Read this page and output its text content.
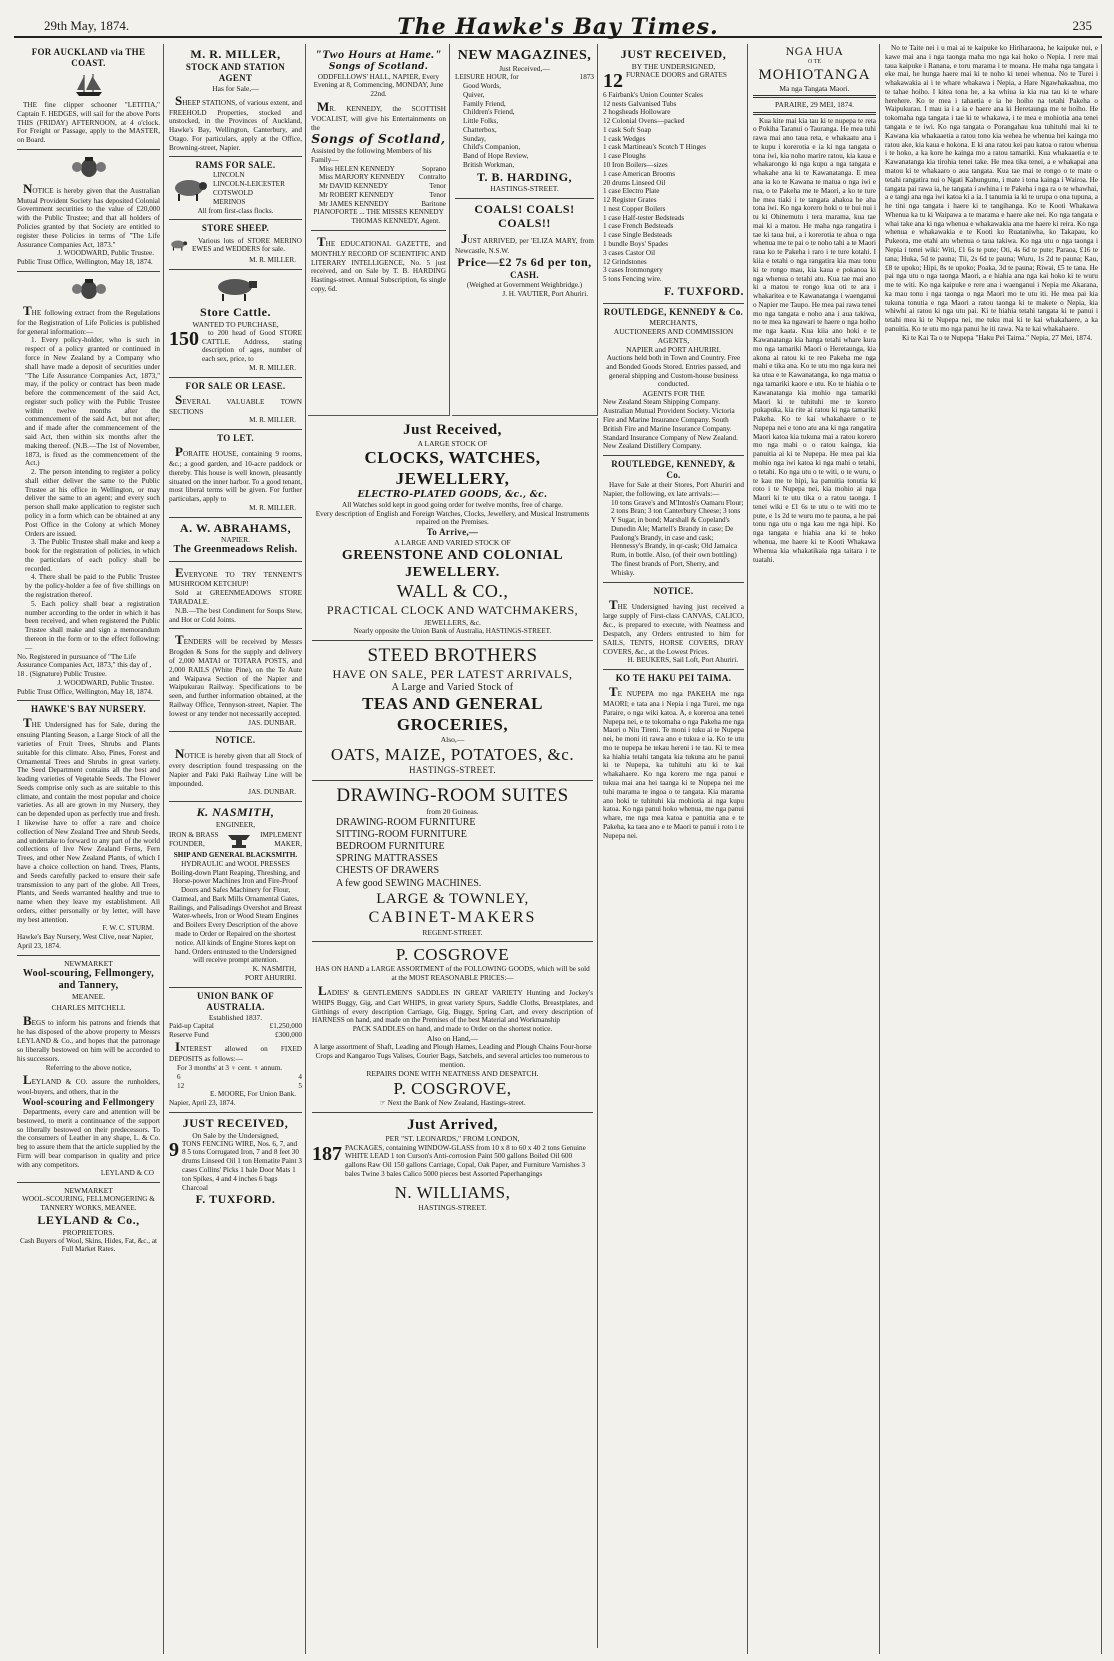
29th May, 1874.	The Hawke's Bay Times.	235
FOR AUCKLAND via THE COAST.
THE fine clipper schooner "LETITIA," Captain F. HEDGES, will sail for the above Ports THIS (FRIDAY) AFTERNOON, at 4 o'clock. For Freight or Passage, apply to the MASTER, on Board.
NOTICE is hereby given that the Australian Mutual Provident Society has deposited Colonial Government securities to the value of £20,000 with the Public Trustee; and that all holders of Policies granted by that Society are entitled to register these Policies in terms of "The Life Assurance Companies Act, 1873."
J. WOODWARD, Public Trustee.
Public Trust Office, Wellington, May 18, 1874.
THE following extract from the Regulations for the Registration of Life Policies is published for general information:—
1. Every policy-holder, who is such in respect of a policy granted or continued in force in New Zealand by a Company who shall have made a deposit of securities under "The Life Assurance Companies Act, 1873," may, if the policy or contract has been made before the commencement of the said Act, register such policy with the Public Trustee within twelve months after the commencement of the said Act, but not after; and if made after the commencement of the said Act, then within six months after the making thereof. (N.B.—The 1st of November, 1873, is fixed as the commencement of the Act.)
2. The person intending to register a policy shall either deliver the same to the Public Trustee at his office in Wellington, or may deliver the same to an agent; and every such person shall make application to register such policy in a form which can be obtained at any Post Office in the Colony at which Money Orders are issued.
3. The Public Trustee shall make and keep a book for the registration of policies, in which the particulars of each policy shall be recorded.
4. There shall be paid to the Public Trustee by the policy-holder a fee of five shillings on the registration thereof.
5. Each policy shall bear a registration number according to the order in which it has been received, and when registered the Public Trustee shall make and sign a memorandum thereon in the form or to the effect following:—
No. Registered in pursuance of "The Life Assurance Companies Act, 1873," this day of , 18 . (Signature) Public Trustee.
J. WOODWARD, Public Trustee.
Public Trust Office, Wellington, May 18, 1874.
HAWKE'S BAY NURSERY.
THE Undersigned has for Sale, during the ensuing Planting Season, a Large Stock of all the varieties of Fruit Trees, Shrubs and Plants suitable for this climate. Also, Pines, Forest and Ornamental Trees and Shrubs in great variety. The Seed Department contains all the best and leading varieties of Vegetable Seeds. The Flower Seeds comprise only such as are suitable to this climate, and contain the most popular and choice varieties. As all are grown in my Nursery, they can be depended upon as perfectly true and fresh. I likewise have to offer a rare and choice collection of New Zealand Tree and Shrub Seeds, and undertake to forward to any part of the world collections of live New Zealand Ferns, Fern Trees, and other New Zealand Plants, of which I have a choice collection on hand. Trees, Plants, and Seeds carefully packed to ensure their safe transmission to any part of the globe. All Trees, Plants, and Seeds warranted healthy and true to name when they leave my establishment. All orders, either personally or by letter, will have my best attention.
F. W. C. STURM.
Hawke's Bay Nursery, West Clive, near Napier, April 23, 1874.
NEWMARKET
Wool-scouring, Fellmongery,
and Tannery,
MEANEE.
CHARLES MITCHELL
BEGS to inform his patrons and friends that he has disposed of the above property to Messrs LEYLAND & Co., and hopes that the patronage so liberally bestowed on him will be accorded to his successors.
Referring to the above notice,
LEYLAND & CO. assure the runholders, wool-buyers, and others, that in the
Wool-scouring and Fellmongery
Departments, every care and attention will be bestowed, to merit a continuance of the support so liberally bestowed on their predecessors. To the consumers of Leather in any shape, L. & Co. beg to assure them that the article supplied by the Firm will bear comparison in quality and price with any competitors.
LEYLAND & CO
NEWMARKET
WOOL-SCOURING, FELLMONGERING & TANNERY WORKS, MEANEE.
LEYLAND & Co.,
PROPRIETORS.
Cash Buyers of Wool, Skins, Hides, Fat, &c., at Full Market Rates.
M. R. MILLER,
STOCK AND STATION AGENT
Has for Sale,—
SHEEP STATIONS, of various extent, and FREEHOLD Properties, stocked and unstocked, in the Provinces of Auckland, Hawke's Bay, Wellington, Canterbury, and Otago. For particulars, apply at the Office, Browning-street, Napier.
RAMS FOR SALE.
LINCOLN
LINCOLN-LEICESTER
COTSWOLD
MERINOS
All from first-class flocks.
STORE SHEEP.
Various lots of STORE MERINO EWES and WEDDERS for sale.
M. R. MILLER.
Store Cattle.
WANTED TO PURCHASE,
150	to 200 head of Good STORE CATTLE. Address, stating description of ages, number of each sex, price, to
M. R. MILLER.
FOR SALE OR LEASE.
SEVERAL VALUABLE TOWN SECTIONS
M. R. MILLER.
TO LET.
PORAITE HOUSE, containing 9 rooms, &c.; a good garden, and 10-acre paddock or thereby. This house is well known, pleasantly situated on the inner harbor. To a good tenant, most liberal terms will be given. For further particulars, apply to
M. R. MILLER.
A. W. ABRAHAMS,
NAPIER.
The Greenmeadows Relish.
EVERYONE TO TRY TENNENT'S MUSHROOM KETCHUP!
Sold at GREENMEADOWS STORE TARADALE.
N.B.—The best Condiment for Soups Stew, and Hot or Cold Joints.
TENDERS will be received by Messrs Brogden & Sons for the supply and delivery of 2,000 MATAI or TOTARA POSTS, and 2,000 RAILS (White Pine), on the Te Aute and Waipawa Section of the Napier and Waipukurau Railway. Specifications to be seen, and further information obtained, at the Railway Office, Tennyson-street, Napier. The lowest or any tender not necessarily accepted.
JAS. DUNBAR.
NOTICE.
NOTICE is hereby given that all Stock of every description found trespassing on the Napier and Paki Paki Railway Line will be impounded.
JAS. DUNBAR.
K. NASMITH,
ENGINEER,
IRON & BRASS
FOUNDER,
IMPLEMENT
MAKER,
SHIP AND GENERAL BLACKSMITH.
HYDRAULIC and WOOL PRESSES Boiling-down Plant Reaping, Threshing, and Horse-power Machines Iron and Fire-Proof Doors and Safes Machinery for Flour, Oatmeal, and Bark Mills Ornamental Gates, Railings, and Palisadings Overshot and Breast Water-wheels, Iron or Wood Steam Engines and Boilers Every Description of the above made to Order or Repaired on the shortest notice. All kinds of Engine Stores kept on hand. Orders entrusted to the Undersigned will receive prompt attention.
K. NASMITH,
PORT AHURIRI.
UNION BANK OF AUSTRALIA.
Established 1837.
Paid-up Capital	£1,250,000
Reserve Fund	£300,000
INTEREST allowed on FIXED DEPOSITS as follows:—
For 3 months' at 3 ♀ cent. ♀ annum.
6	4
12	5
E. MOORE, For Union Bank.
Napier, April 23, 1874.
JUST RECEIVED,
On Sale by the Undersigned,
9 TONS FENCING WIRE, Nos. 6, 7, and 8 5 tons Corrugated Iron, 7 and 8 feet 30 drums Linseed Oil 1 ton Hematite Paint 3 cases Collins' Picks 1 bale Door Mats 1 ton Spikes, 4 and 4 inches 6 bags Charcoal
F. TUXFORD.
"Two Hours at Hame."
Songs of Scotland.
ODDFELLOWS' HALL, NAPIER, Every Evening at 8, Commencing, MONDAY, June 22nd.
MR. KENNEDY, the SCOTTISH VOCALIST, will give his Entertainments on the
Songs of Scotland,
Assisted by the following Members of his Family—
Miss HELEN KENNEDY	Soprano
Miss MARJORY KENNEDY Contralto
Mr DAVID KENNEDY	Tenor
Mr ROBERT KENNEDY	Tenor
Mr JAMES KENNEDY	Baritone
PIANOFORTE ... THE MISSES KENNEDY
THOMAS KENNEDY, Agent.
THE EDUCATIONAL GAZETTE, and MONTHLY RECORD OF SCIENTIFIC AND LITERARY INTELLIGENCE, No. 5 just received, and on Sale by T. B. HARDING Hastings-street. Annual Subscription, 6s single copy, 6d.
NEW MAGAZINES,
Just Received,—
LEISURE HOUR, for	1873
Good Words,
Quiver,
Family Friend,
Children's Friend,
Little Folks,
Chatterbox,
Sunday,
Child's Companion,
Band of Hope Review,
British Workman,
T. B. HARDING,
HASTINGS-STREET.
COALS! COALS! COALS!!
JUST ARRIVED, per 'ELIZA MARY, from Newcastle, N.S.W.
Price—£2 7s 6d per ton,
CASH.
(Weighed at Government Weighbridge.)
J. H. VAUTIER, Port Ahuriri.
Just Received,
A LARGE STOCK OF
CLOCKS, WATCHES, JEWELLERY,
ELECTRO-PLATED GOODS, &c., &c.
All Watches sold kept in good going order for twelve months, free of charge.
Every description of English and Foreign Watches, Clocks, Jewellery, and Musical Instruments repaired on the Premises.
To Arrive,—
A LARGE AND VARIED STOCK OF
GREENSTONE AND COLONIAL JEWELLERY.
WALL & CO.,
PRACTICAL CLOCK AND WATCHMAKERS,
JEWELLERS, &c.
Nearly opposite the Union Bank of Australia, HASTINGS-STREET.
STEED BROTHERS
HAVE ON SALE, PER LATEST ARRIVALS,
A Large and Varied Stock of
TEAS AND GENERAL GROCERIES,
Also,—
OATS, MAIZE, POTATOES, &c.
HASTINGS-STREET.
DRAWING-ROOM SUITES
from 20 Guineas.
DRAWING-ROOM FURNITURE
SITTING-ROOM FURNITURE
BEDROOM FURNITURE
SPRING MATTRASSES
CHESTS OF DRAWERS
A few good SEWING MACHINES.
LARGE & TOWNLEY,
CABINET-MAKERS
REGENT-STREET.
P. COSGROVE
HAS ON HAND a LARGE ASSORTMENT of the FOLLOWING GOODS, which will be sold at the MOST REASONABLE PRICES:—
LADIES' & GENTLEMEN'S SADDLES IN GREAT VARIETY Hunting and Jockey's WHIPS Buggy, Gig, and Cart WHIPS, in great variety Spurs, Saddle Cloths, Breastplates, and Girthings of every description Carriage, Gig, Buggy, Spring Cart, and every description of HARNESS on hand, and made on the Premises of the best Material and Workmanship
PACK SADDLES on hand, and made to Order on the shortest notice.
Also on Hand,—
A large assortment of Shaft, Leading and Plough Hames, Leading and Plough Chains Four-horse Crops and Kangaroo Tugs Valises, Courier Bags, Satchels, and several articles too numerous to mention.
REPAIRS DONE WITH NEATNESS AND DESPATCH.
P. COSGROVE,
☞ Next the Bank of New Zealand, Hastings-street.
Just Arrived,
PER "ST. LEONARDS," FROM LONDON,
187 PACKAGES, containing WINDOW-GLASS from 10 x 8 to 60 x 40 2 tons Genuine WHITE LEAD 1 ton Curson's Anti-corrosion Paint 500 gallons Boiled Oil 600 gallons Raw Oil 150 gallons Carriage, Copal, Oak Paper, and Furniture Varnishes 3 bales Twine 3 bales Calico 5000 pieces best Assorted Paperhangings
N. WILLIAMS,
HASTINGS-STREET.
JUST RECEIVED,
BY THE UNDERSIGNED,
12 FURNACE DOORS and GRATES
6 Fairbank's Union Counter Scales
12 nests Galvanised Tubs
2 hogsheads Holloware
12 Colonial Ovens—packed
1 cask Soft Soap
1 cask Wedges
1 cask Martineau's Scotch T Hinges
1 case Ploughs
10 Iron Boilers—sizes
1 case American Brooms
20 drums Linseed Oil
1 case Electro Plate
12 Register Grates
1 nest Copper Boilers
1 case Half-tester Bedsteads
1 case French Bedsteads
1 case Single Bedsteads
1 bundle Boys' Spades
3 cases Castor Oil
12 Grindstones
3 cases Ironmongery
5 tons Fencing wire.
F. TUXFORD.
ROUTLEDGE, KENNEDY & Co.
MERCHANTS,
AUCTIONEERS AND COMMISSION AGENTS,
NAPIER and PORT AHURIRI.
Auctions held both in Town and Country. Free and Bonded Goods Stored. Entries passed, and general shipping and Custom-house business conducted.
AGENTS FOR THE
New Zealand Steam Shipping Company. Australian Mutual Provident Society. Victoria Fire and Marine Insurance Company. South British Fire and Marine Insurance Company. Standard Insurance Company of New Zealand. New Zealand Distillery Company.
ROUTLEDGE, KENNEDY, & Co.
Have for Sale at their Stores, Port Ahuriri and Napier, the following, ex late arrivals:—
10 tons Grave's and M'Intosh's Oamaru Flour; 2 tons Bran; 3 ton Canterbury Cheese; 3 tons Y Sugar, in bond; Marshall & Copeland's Dunedin Ale; Martell's Brandy in case; De Paulong's Brandy, in case and cask; Hennessy's Brandy, in qr-cask; Old Jamaica Rum, in bottle. Also, (of their own bottling) The finest brands of Port, Sherry, and Whisky.
NOTICE.
THE Undersigned having just received a large supply of First-class CANVAS, CALICO, &c., is prepared to execute, with Neatness and Despatch, any Orders entrusted to him for SAILS, TENTS, HORSE COVERS, DRAY COVERS, &c., at the Lowest Prices.
H. BEUKERS, Sail Loft, Port Ahuriri.
KO TE HAKU PEI TAIMA.
TE NUPEPA mo nga PAKEHA me nga MAORI; e tata ana i Nepia i nga Turei, me nga Paraire, o nga wiki katoa. A, e koreroa ana tenei Nupepa nei, e te tokomaha o nga Pakeha me nga Maori o Niu Tireni. Te moni i tuku ai te Nupepa nei, he moni iti rawa ano e tukua e ia. Ko te utu mo te nupepa he tekau hereni i te tau. Ki te mea ka hiahia tetahi tangata kia tukuna atu he panui ki te Nupepa, ka tuhituhi atu ki te kai whakahaere. Ko nga korero me nga panui e tukua mai ana hei taanga ki te Nupepa nei me tuhi marama te ingoa o te tangata. Kia marama ano hoki te tuhituhi kia mohiotia ai nga kupu katoa. Ko nga panui hoko whenua, me nga panui whare, me nga mea katoa e panuitia ana e te Pakeha, ka taea ano e te Maori te panui i roto i te Nupepa nei.
NGA HUA
O TE
MOHIOTANGA
Ma nga Tangata Maori.
PARAIRE, 29 MEI, 1874.
Kua kite mai kia tau ki te nupepa te reta o Pokiha Taranui o Tauranga. He mea tuhi rawa mai ano taua reta, e whakaatu ana i te kupu i korerotia e ia ki nga tangata o tona iwi, kia noho marire ratou, kia kaua e whakarongo ki nga kupu a nga tangata e whakahe ana ki te Kawanatanga. E mea ana ia ko te Kawana te matua o nga iwi e rua, o te Pakeha me te Maori, a ko te ture he mea tiaki i te tangata ahakoa he aha tona iwi. Ko nga korero hoki o te hui nui i tu ki Ohinemutu i tera marama, kua tae mai ki a matou. He maha nga rangatira i tae ki taua hui, a i korerotia te ahua o nga whenua me te pai o te noho tahi a te Maori raua ko te Pakeha i raro i te ture kotahi. I kiia e tetahi o nga rangatira kia mau tonu ki te rongo mau, kia kaua e pokanoa ki nga whenua o tetahi atu. Kua tae mai ano ki a matou te rongo kua oti te ara i whakaritea e te Kawanatanga i waenganui o Napier me Taupo. He mea pai rawa tenei mo nga tangata e noho ana i aua takiwa, no te mea ka ngawari te haere o nga hoiho me nga kaata. Kua kiia ano hoki e te Kawanatanga kia hanga tetahi whare kura mo nga tamariki Maori o Heretaunga, kia akona ai ratou ki te reo Pakeha me nga mahi e tika ana. Ko te utu mo nga kura nei ka utua e te Kawanatanga, ko nga matua o nga tamariki kaore e utu. Ko te hiahia o te Kawanatanga kia mohio nga tamariki Maori ki te tuhituhi me te korero pukapuka, kia rite ai ratou ki nga tamariki Pakeha. Ko te kai whakahaere o te Nupepa nei e tono atu ana ki nga rangatira Maori katoa kia tukuna mai a ratou korero mo nga mahi o o ratou kainga, kia panuitia ai ki te Nupepa. He mea pai kia mohio nga iwi katoa ki nga mahi o tetahi, o tetahi. Ko nga utu o te witi, o te wuru, o te kau me te hipi, ka panuitia tonutia ki roto i te Nupepa nei, kia mohio ai nga Maori ki te utu tika o a ratou taonga. I tenei wiki e £1 6s te utu o te witi mo te pute, e 1s 2d te wuru mo te pauna, a he pai tonu nga utu o nga kau me nga hipi. Ko nga tangata e hiahia ana ki te hoko whenua, me haere ki te Kooti Whakawa Whenua kia whakatikaia nga taitara i te tuatahi.
No te Taite nei i u mai ai te kaipuke ko Hiriharaona, he kaipuke nui, e kawe mai ana i nga taonga maha mo nga kai hoko o Nepia. I rere mai taua kaipuke i Ranana, e toru marama i te moana. He maha nga tangata i eke mai, he hunga haere mai ki te noho ki tenei whenua. No te Turei i whakawakia ai i te whare whakawa i Nepia, a Hare Ngawhakaahua, mo te tahae hoiho. I kitea tona he, a ka whiua ia kia rua tau ki te whare herehere. Ko te mea i tahaetia e ia he hoiho na tetahi Pakeha o Waipukurau. I mau ia i a ia e haere ana ki Heretaunga me te hoiho. He tokomaha nga tangata i tae ki te whakawa, i te mea e mohiotia ana tenei tangata e te iwi. Ko nga tangata o Porangahau kua tuhituhi mai ki te Kawana kia whakaaetia a ratou tono kia wehea he whenua hei kainga mo ratou ake, kia kaua e hokona. E ki ana ratou kei pau katoa o ratou whenua i te hoko, a ka kore he kainga mo a ratou tamariki. Kua whakaaetia e te Kawanatanga kia tirohia tenei take. He mea tika tenei, a e whakapai ana matou ki te whakaaro o aua tangata. Kua tae mai te rongo o te mate o tetahi rangatira nui o Ngati Kahungunu, i mate i tona kainga i Wairoa. He tangata pai rawa ia, he tangata i awhina i te Pakeha i nga ra o te whawhai, a e tangi ana nga iwi katoa ki a ia. I tanumia ia ki te urupa o ona tupuna, a he tini nga tangata i haere ki te tangihanga. Ko te Kooti Whakawa Whenua ka tu ki Waipawa a te marama e haere ake nei. Ko nga tangata e whai take ana ki nga whenua e whakawakia ana me haere ki reira. Ko nga whenua e whakawakia e te Kooti ko Ruataniwha, ko Takapau, ko Pukeora, me etahi atu whenua o taua takiwa. Ko nga utu o nga taonga i Nepia i tenei wiki: Witi, £1 6s te pute; Oti, 4s 6d te pute; Paraoa, £16 te tana; Huka, 5d te pauna; Tii, 2s 6d te pauna; Wuru, 1s 2d te pauna; Kau, £8 te upoko; Hipi, 8s te upoko; Poaka, 3d te pauna; Riwai, £5 te tana. He pai nga utu o nga taonga Maori, a e hiahia ana nga kai hoko ki te wuru me te witi. Ko nga kaipuke e rere ana i waenganui i Nepia me Akarana, ka mau tonu i nga taonga o nga Maori mo te utu iti. He mea pai kia tukuna tonutia e nga Maori a ratou taonga ki te makete o Nepia, kia whiwhi ai ratou ki nga utu pai. Ki te hiahia tetahi tangata ki te panui i tetahi mea ki te Nupepa nei, me tuku mai ki te kai whakahaere, a ka panuitia. Ko te utu mo nga panui he iti rawa. Na te kai whakahaere.
Ki te Kai Ta o te Nupepa "Haku Pei Taima." Nepia, 27 Mei, 1874.
